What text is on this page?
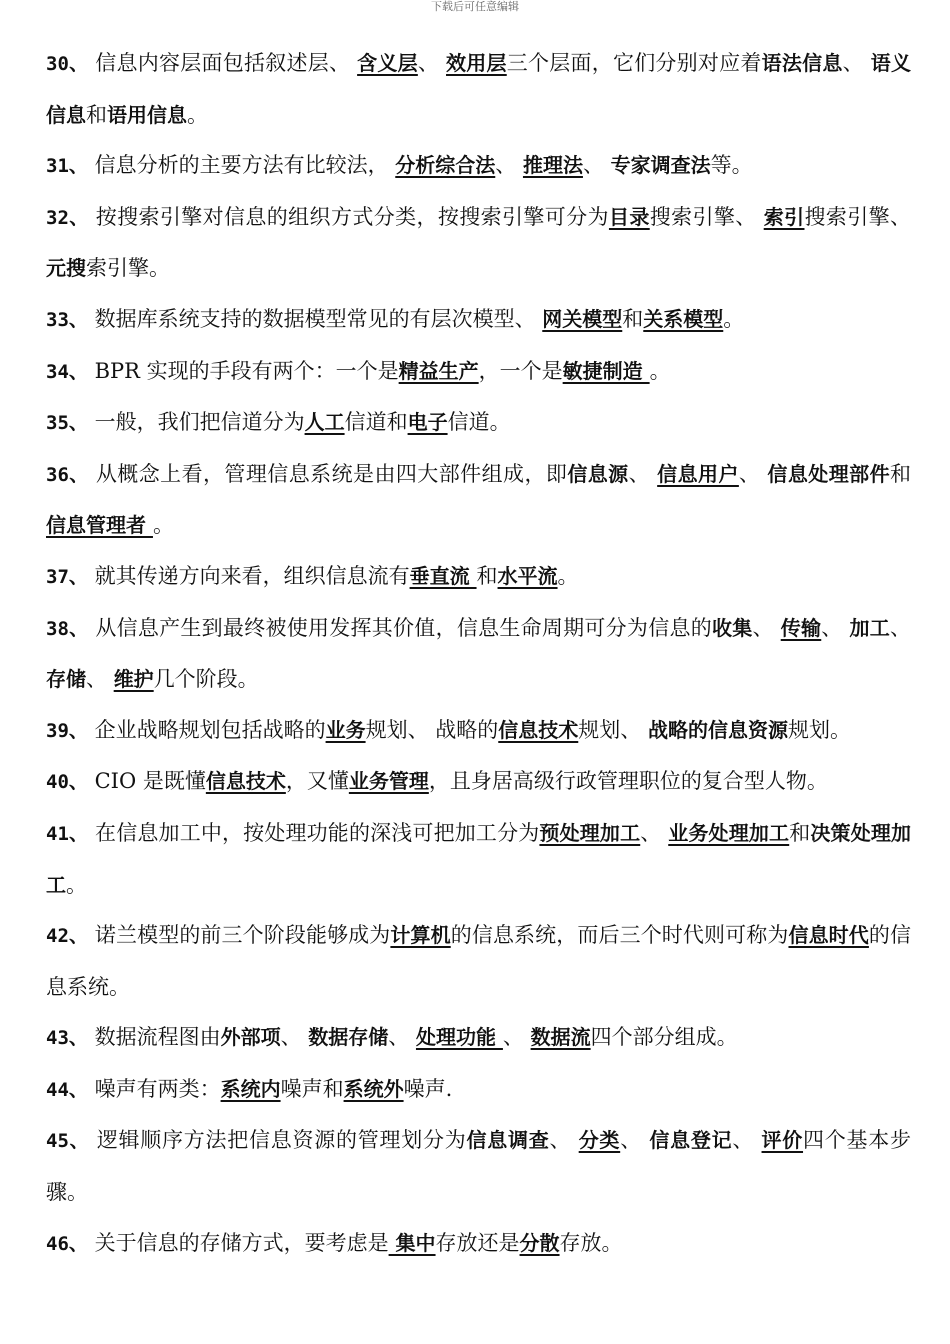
下载后可任意编辑

30、 信息内容层面包括叙述层、 含义层、 效用层三个层面，它们分别对应着语法信息、 语义信息和语用信息。

31、 信息分析的主要方法有比较法， 分析综合法、 推理法、 专家调查法等。

32、 按搜索引擎对信息的组织方式分类，按搜索引擎可分为目录搜索引擎、 索引搜索引擎、 元搜索引擎。

33、 数据库系统支持的数据模型常见的有层次模型、 网关模型和关系模型。

34、 BPR 实现的手段有两个：一个是精益生产，一个是敏捷制造 。

35、 一般，我们把信道分为人工信道和电子信道。

36、 从概念上看，管理信息系统是由四大部件组成，即信息源、 信息用户、 信息处理部件和信息管理者 。

37、 就其传递方向来看，组织信息流有垂直流 和水平流。

38、 从信息产生到最终被使用发挥其价值，信息生命周期可分为信息的收集、 传输、 加工、 存储、 维护几个阶段。

39、 企业战略规划包括战略的业务规划、 战略的信息技术规划、 战略的信息资源规划。

40、 CIO 是既懂信息技术，又懂业务管理，且身居高级行政管理职位的复合型人物。

41、 在信息加工中，按处理功能的深浅可把加工分为预处理加工、 业务处理加工和决策处理加工。

42、 诺兰模型的前三个阶段能够成为计算机的信息系统，而后三个时代则可称为信息时代的信息系统。

43、 数据流程图由外部项、 数据存储、 处理功能 、 数据流四个部分组成。

44、 噪声有两类：系统内噪声和系统外噪声.

45、 逻辑顺序方法把信息资源的管理划分为信息调查、 分类、 信息登记、 评价四个基本步骤。

46、 关于信息的存储方式，要考虑是 集中存放还是分散存放。
